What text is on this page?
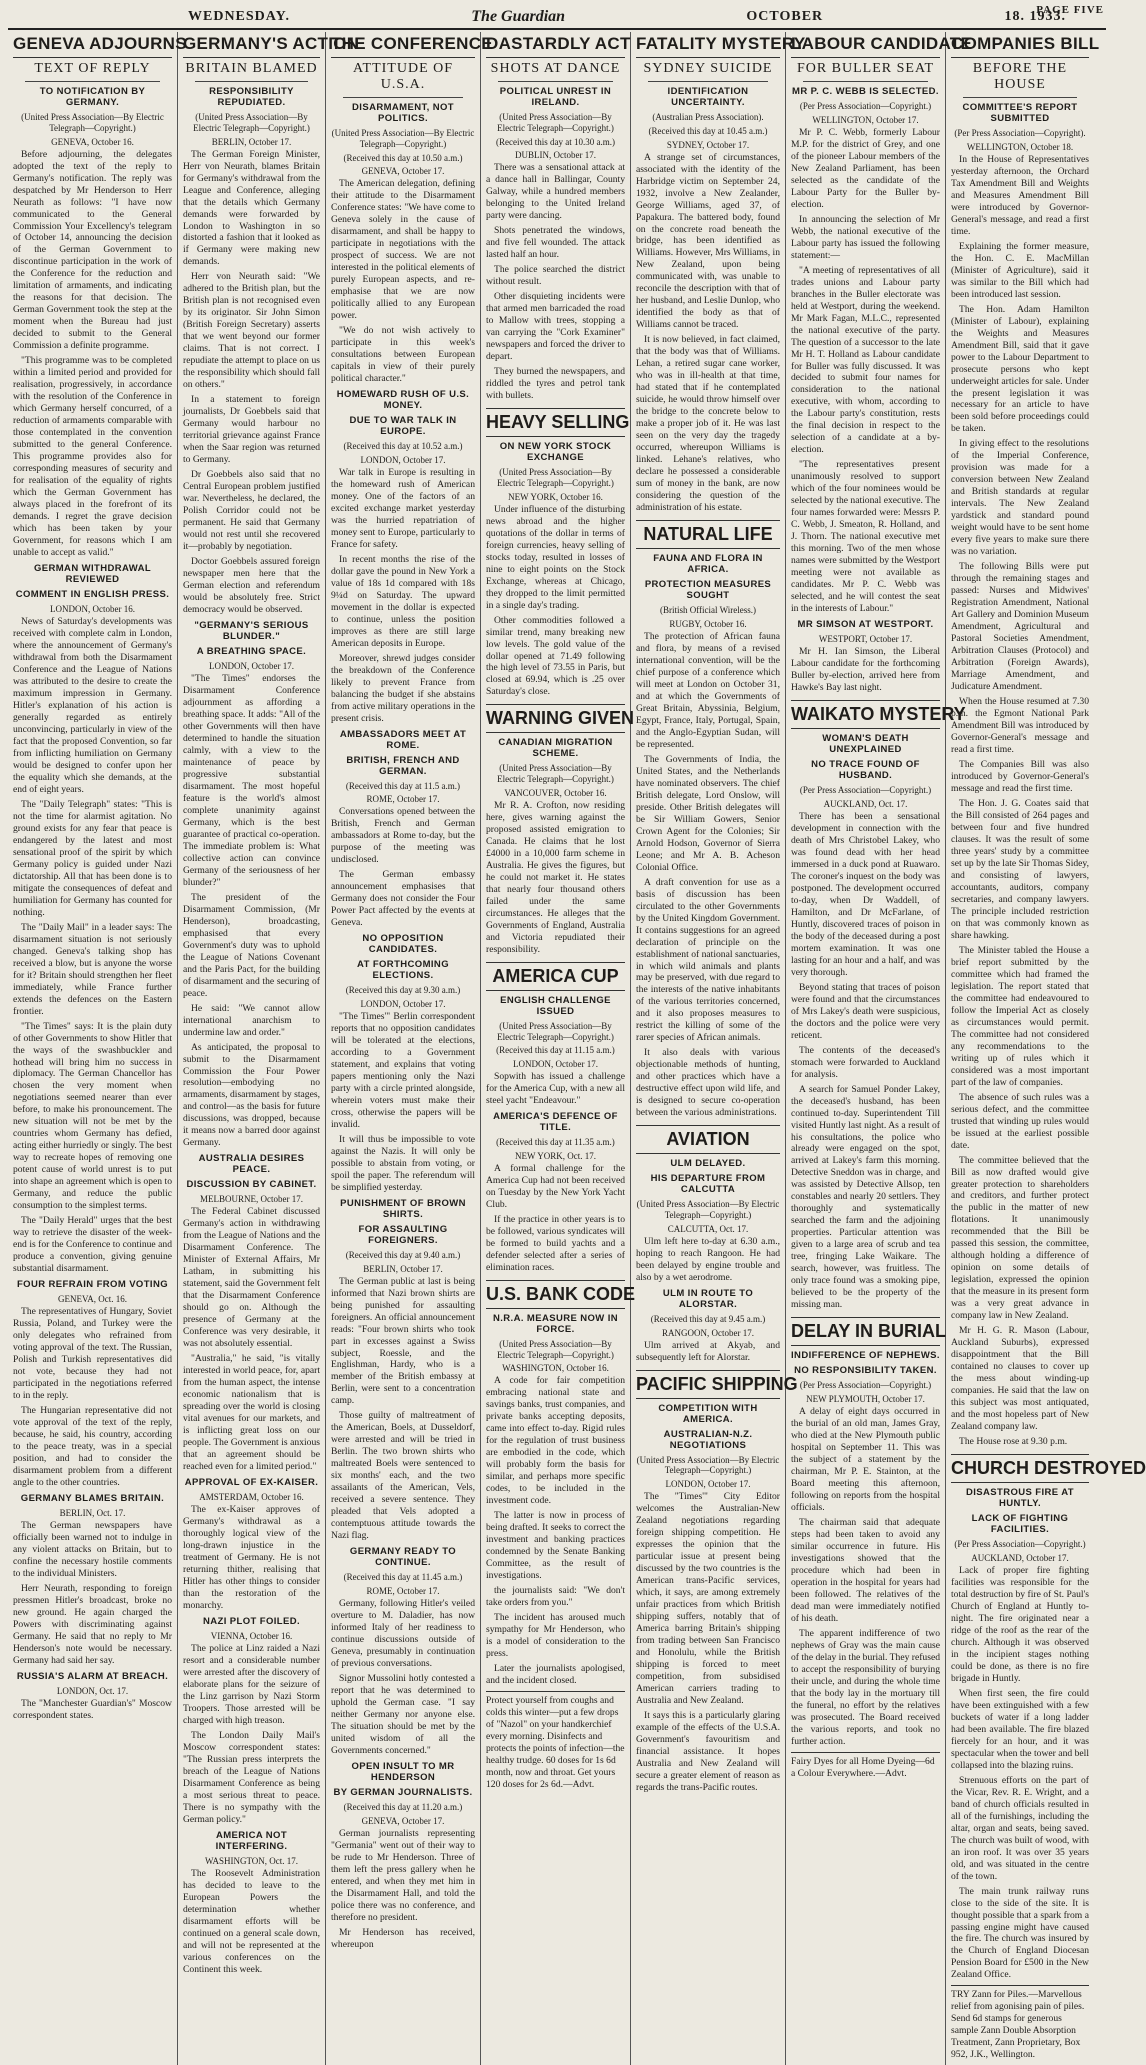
WEDNESDAY.	The Guardian	OCTOBER	18. 1933.
PAGE FIVE
GENEVA ADJOURNS
TEXT OF REPLY
TO NOTIFICATION BY GERMANY.
(United Press Association—By Electric Telegraph—Copyright.)
GENEVA, October 16.

Before adjourning, the delegates adopted the text of the reply to Germany's notification. The reply was despatched by Mr Henderson to Herr Neurath as follows: "I have now communicated to the General Commission Your Excellency's telegram of October 14, announcing the decision of the German Government to discontinue participation in the work of the Conference for the reduction and limitation of armaments, and indicating the reasons for that decision. The German Government took the step at the moment when the Bureau had just decided to submit to the General Commission a definite programme.

"This programme was to be completed within a limited period and provided for realisation, progressively, in accordance with the resolution of the Conference in which Germany herself concurred, of a reduction of armaments comparable with those contemplated in the convention submitted to the general Conference. This programme provides also for corresponding measures of security and for realisation of the equality of rights which the German Government has always placed in the forefront of its demands. I regret the grave decision which has been taken by your Government, for reasons which I am unable to accept as valid."

GERMAN WITHDRAWAL REVIEWED
COMMENT IN ENGLISH PRESS.
LONDON, October 16.

News of Saturday's developments was received with complete calm in London, where the announcement of Germany's withdrawal from both the Disarmament Conference and the League of Nations was attributed to the desire to create the maximum impression in Germany. Hitler's explanation of his action is generally regarded as entirely unconvincing, particularly in view of the fact that the proposed Convention, so far from inflicting humiliation on Germany would be designed to confer upon her the equality which she demands, at the end of eight years.

The "Daily Telegraph" states: "This is not the time for alarmist agitation. No ground exists for any fear that peace is endangered by the latest and most sensational proof of the spirit by which Germany policy is guided under Nazi dictatorship. All that has been done is to mitigate the consequences of defeat and humiliation for Germany has counted for nothing.

The "Daily Mail" in a leader says: The disarmament situation is not seriously changed. Geneva's talking shop has received a blow, but is anyone the worse for it? Britain should strengthen her fleet immediately, while France further extends the defences on the Eastern frontier.

"The Times" says: It is the plain duty of other Governments to show Hitler that the ways of the swashbuckler and hothead will bring him no success in diplomacy. The German Chancellor has chosen the very moment when negotiations seemed nearer than ever before, to make his pronouncement. The new situation will not be met by the countries whom Germany has defied, acting either hurriedly or singly. The best way to recreate hopes of removing one potent cause of world unrest is to put into shape an agreement which is open to Germany, and reduce the public consumption to the simplest terms.

The "Daily Herald" urges that the best way to retrieve the disaster of the week-end is for the Conference to continue and produce a convention, giving genuine substantial disarmament.

FOUR REFRAIN FROM VOTING
GENEVA, Oct. 16.

The representatives of Hungary, Soviet Russia, Poland, and Turkey were the only delegates who refrained from voting approval of the text. The Russian, Polish and Turkish representatives did not vote, because they had not participated in the negotiations referred to in the reply.

The Hungarian representative did not vote approval of the text of the reply, because, he said, his country, according to the peace treaty, was in a special position, and had to consider the disarmament problem from a different angle to the other countries.

GERMANY BLAMES BRITAIN.
BERLIN, Oct. 17.

The German newspapers have officially been warned not to indulge in any violent attacks on Britain, but to confine the necessary hostile comments to the individual Ministers.

Herr Neurath, responding to foreign pressmen Hitler's broadcast, broke no new ground. He again charged the Powers with discriminating against Germany. He said that no reply to Mr Henderson's note would be necessary. Germany had said her say.

RUSSIA'S ALARM AT BREACH.
LONDON, Oct. 17.

The "Manchester Guardian's" Moscow correspondent states.

GERMANY'S ACTION
BRITAIN BLAMED
RESPONSIBILITY REPUDIATED.
(United Press Association—By Electric Telegraph—Copyright.)
BERLIN, October 17.

The German Foreign Minister, Herr von Neurath, blames Britain for Germany's withdrawal from the League and Conference, alleging that the details which Germany demands were forwarded by London to Washington in so distorted a fashion that it looked as if Germany were making new demands.

Herr von Neurath said: "We adhered to the British plan, but the British plan is not recognised even by its originator. Sir John Simon (British Foreign Secretary) asserts that we went beyond our former claims. That is not correct. I repudiate the attempt to place on us the responsibility which should fall on others."

In a statement to foreign journalists, Dr Goebbels said that Germany would harbour no territorial grievance against France when the Saar region was returned to Germany.

Dr Goebbels also said that no Central European problem justified war. Nevertheless, he declared, the Polish Corridor could not be permanent. He said that Germany would not rest until she recovered it—probably by negotiation.

Doctor Goebbels assured foreign newspaper men here that the German election and referendum would be absolutely free. Strict democracy would be observed.

"GERMANY'S SERIOUS BLUNDER."
A BREATHING SPACE.
LONDON, October 17.

"The Times" endorses the Disarmament Conference adjournment as affording a breathing space. It adds: "All of the other Governments will then have determined to handle the situation calmly, with a view to the maintenance of peace by progressive substantial disarmament. The most hopeful feature is the world's almost complete unanimity against Germany, which is the best guarantee of practical co-operation. The immediate problem is: What collective action can convince Germany of the seriousness of her blunder?"

The president of the Disarmament Commission, (Mr Henderson), broadcasting, emphasised that every Government's duty was to uphold the League of Nations Covenant and the Paris Pact, for the building of disarmament and the securing of peace.

He said: "We cannot allow international anarchism to undermine law and order."

As anticipated, the proposal to submit to the Disarmament Commission the Four Power resolution—embodying no armaments, disarmament by stages, and control—as the basis for future discussions, was dropped, because it means now a barred door against Germany.

AUSTRALIA DESIRES PEACE.
DISCUSSION BY CABINET.
MELBOURNE, October 17.

The Federal Cabinet discussed Germany's action in withdrawing from the League of Nations and the Disarmament Conference. The Minister of External Affairs, Mr Latham, in submitting his statement, said the Government felt that the Disarmament Conference should go on. Although the presence of Germany at the Conference was very desirable, it was not absolutely essential.

"Australia," he said, "is vitally interested in world peace, for, apart from the human aspect, the intense economic nationalism that is spreading over the world is closing vital avenues for our markets, and is inflicting great loss on our people. The Government is anxious that an agreement should be reached even for a limited period."

APPROVAL OF EX-KAISER.
AMSTERDAM, October 16.

The ex-Kaiser approves of Germany's withdrawal as a thoroughly logical view of the long-drawn injustice in the treatment of Germany. He is not returning thither, realising that Hitler has other things to consider than the restoration of the monarchy.

NAZI PLOT FOILED.
VIENNA, October 16.

The police at Linz raided a Nazi resort and a considerable number were arrested after the discovery of elaborate plans for the seizure of the Linz garrison by Nazi Storm Troopers. Those arrested will be charged with high treason.

The London Daily Mail's Moscow correspondent states: "The Russian press interprets the breach of the League of Nations Disarmament Conference as being a most serious threat to peace. There is no sympathy with the German policy."

AMERICA NOT INTERFERING.
WASHINGTON, Oct. 17.

The Roosevelt Administration has decided to leave to the European Powers the determination whether disarmament efforts will be continued on a general scale down, and will not be represented at the various conferences on the Continent this week.

THE CONFERENCE
ATTITUDE OF U.S.A.
DISARMAMENT, NOT POLITICS.
(United Press Association—By Electric Telegraph—Copyright.)
(Received this day at 10.50 a.m.)
GENEVA, October 17.

The American delegation, defining their attitude to the Disarmament Conference states: "We have come to Geneva solely in the cause of disarmament, and shall be happy to participate in negotiations with the prospect of success. We are not interested in the political elements of purely European aspects, and re-emphasise that we are now politically allied to any European power.

"We do not wish actively to participate in this week's consultations between European capitals in view of their purely political character."

HOMEWARD RUSH OF U.S. MONEY.
DUE TO WAR TALK IN EUROPE.
(Received this day at 10.52 a.m.)
LONDON, October 17.

War talk in Europe is resulting in the homeward rush of American money. One of the factors of an excited exchange market yesterday was the hurried repatriation of money sent to Europe, particularly to France for safety.

In recent months the rise of the dollar gave the pound in New York a value of 18s 1d compared with 18s 9¼d on Saturday. The upward movement in the dollar is expected to continue, unless the position improves as there are still large American deposits in Europe.

Moreover, shrewd judges consider the breakdown of the Conference likely to prevent France from balancing the budget if she abstains from active military operations in the present crisis.

AMBASSADORS MEET AT ROME.
BRITISH, FRENCH AND GERMAN.
(Received this day at 11.5 a.m.)
ROME, October 17.

Conversations opened between the British, French and German ambassadors at Rome to-day, but the purpose of the meeting was undisclosed.

The German embassy announcement emphasises that Germany does not consider the Four Power Pact affected by the events at Geneva.

NO OPPOSITION CANDIDATES.
AT FORTHCOMING ELECTIONS.
(Received this day at 9.30 a.m.)
LONDON, October 17.

"The Times'" Berlin correspondent reports that no opposition candidates will be tolerated at the elections, according to a Government statement, and explains that voting papers mentioning only the Nazi party with a circle printed alongside, wherein voters must make their cross, otherwise the papers will be invalid.

It will thus be impossible to vote against the Nazis. It will only be possible to abstain from voting, or spoil the paper. The referendum will be simplified yesterday.

PUNISHMENT OF BROWN SHIRTS.
FOR ASSAULTING FOREIGNERS.
(Received this day at 9.40 a.m.)
BERLIN, October 17.

The German public at last is being informed that Nazi brown shirts are being punished for assaulting foreigners. An official announcement reads: "Four brown shirts who took part in excesses against a Swiss subject, Roessle, and the Englishman, Hardy, who is a member of the British embassy at Berlin, were sent to a concentration camp.

Those guilty of maltreatment of the American, Boels, at Dusseldorf, were arrested and will be tried in Berlin. The two brown shirts who maltreated Boels were sentenced to six months' each, and the two assailants of the American, Vels, received a severe sentence. They pleaded that Vels adopted a contemptuous attitude towards the Nazi flag.

GERMANY READY TO CONTINUE.
(Received this day at 11.45 a.m.)
ROME, October 17.

Germany, following Hitler's veiled overture to M. Daladier, has now informed Italy of her readiness to continue discussions outside of Geneva, presumably in continuation of previous conversations.

Signor Mussolini hotly contested a report that he was determined to uphold the German case. "I say neither Germany nor anyone else. The situation should be met by the united wisdom of all the Governments concerned."

OPEN INSULT TO MR HENDERSON
BY GERMAN JOURNALISTS.
(Received this day at 11.20 a.m.)
GENEVA, October 17.

German journalists representing "Germania" went out of their way to be rude to Mr Henderson. Three of them left the press gallery when he entered, and when they met him in the Disarmament Hall, and told the police there was no conference, and therefore no president.

Mr Henderson has received, whereupon

DASTARDLY ACT
SHOTS AT DANCE
POLITICAL UNREST IN IRELAND.
(United Press Association—By Electric Telegraph—Copyright.)
(Received this day at 10.30 a.m.)
DUBLIN, October 17.

There was a sensational attack at a dance hall in Ballingar, County Galway, while a hundred members belonging to the United Ireland party were dancing.

Shots penetrated the windows, and five fell wounded. The attack lasted half an hour.

The police searched the district without result.

Other disquieting incidents were that armed men barricaded the road to Mallow with trees, stopping a van carrying the "Cork Examiner" newspapers and forced the driver to depart.

They burned the newspapers, and riddled the tyres and petrol tank with bullets.

HEAVY SELLING
ON NEW YORK STOCK EXCHANGE
(United Press Association—By Electric Telegraph—Copyright.)
NEW YORK, October 16.

Under influence of the disturbing news abroad and the higher quotations of the dollar in terms of foreign currencies, heavy selling of stocks today, resulted in losses of nine to eight points on the Stock Exchange, whereas at Chicago, they dropped to the limit permitted in a single day's trading.

Other commodities followed a similar trend, many breaking new low levels. The gold value of the dollar opened at 71.49 following the high level of 73.55 in Paris, but closed at 69.94, which is .25 over Saturday's close.

WARNING GIVEN
CANADIAN MIGRATION SCHEME.
(United Press Association—By Electric Telegraph—Copyright.)
VANCOUVER, October 16.

Mr R. A. Crofton, now residing here, gives warning against the proposed assisted emigration to Canada. He claims that he lost £4000 in a 10,000 farm scheme in Australia. He gives the figures, but he could not market it. He states that nearly four thousand others failed under the same circumstances. He alleges that the Governments of England, Australia and Victoria repudiated their responsibility.

AMERICA CUP
ENGLISH CHALLENGE ISSUED
(United Press Association—By Electric Telegraph—Copyright.)
(Received this day at 11.15 a.m.)
LONDON, October 17.

Sopwith has issued a challenge for the America Cup, with a new all steel yacht "Endeavour."

AMERICA'S DEFENCE OF TITLE.
(Received this day at 11.35 a.m.)
NEW YORK, Oct. 17.

A formal challenge for the America Cup had not been received on Tuesday by the New York Yacht Club.

If the practice in other years is to be followed, various syndicates will be formed to build yachts and a defender selected after a series of elimination races.

U.S. BANK CODE
N.R.A. MEASURE NOW IN FORCE.
(United Press Association—By Electric Telegraph—Copyright.)
WASHINGTON, October 16.

A code for fair competition embracing national state and savings banks, trust companies, and private banks accepting deposits, came into effect to-day. Rigid rules for the regulation of trust business are embodied in the code, which will probably form the basis for similar, and perhaps more specific codes, to be included in the investment code.

The latter is now in process of being drafted. It seeks to correct the investment and banking practices condemned by the Senate Banking Committee, as the result of investigations.

the journalists said: "We don't take orders from you."

The incident has aroused much sympathy for Mr Henderson, who is a model of consideration to the press.

Later the journalists apologised, and the incident closed.

Protect yourself from coughs and colds this winter—put a few drops of "Nazol" on your handkerchief every morning. Disinfects and protects the points of infection—the healthy trudge. 60 doses for 1s 6d month, now and throat. Get yours 120 doses for 2s 6d.—Advt.

FATALITY MYSTERY
SYDNEY SUICIDE
IDENTIFICATION UNCERTAINTY.
(Australian Press Association).
(Received this day at 10.45 a.m.)
SYDNEY, October 17.

A strange set of circumstances, associated with the identity of the Harbridge victim on September 24, 1932, involve a New Zealander, George Williams, aged 37, of Papakura. The battered body, found on the concrete road beneath the bridge, has been identified as Williams. However, Mrs Williams, in New Zealand, upon being communicated with, was unable to reconcile the description with that of her husband, and Leslie Dunlop, who identified the body as that of Williams cannot be traced.

It is now believed, in fact claimed, that the body was that of Williams. Lehan, a retired sugar cane worker, who was in ill-health at that time, had stated that if he contemplated suicide, he would throw himself over the bridge to the concrete below to make a proper job of it. He was last seen on the very day the tragedy occurred, whereupon Williams is linked. Lehane's relatives, who declare he possessed a considerable sum of money in the bank, are now considering the question of the administration of his estate.

NATURAL LIFE
FAUNA AND FLORA IN AFRICA.
PROTECTION MEASURES SOUGHT
(British Official Wireless.)
RUGBY, October 16.

The protection of African fauna and flora, by means of a revised international convention, will be the chief purpose of a conference which will meet at London on October 31, and at which the Governments of Great Britain, Abyssinia, Belgium, Egypt, France, Italy, Portugal, Spain, and the Anglo-Egyptian Sudan, will be represented.

The Governments of India, the United States, and the Netherlands have nominated observers. The chief British delegate, Lord Onslow, will preside. Other British delegates will be Sir William Gowers, Senior Crown Agent for the Colonies; Sir Arnold Hodson, Governor of Sierra Leone; and Mr A. B. Acheson Colonial Office.

A draft convention for use as a basis of discussion has been circulated to the other Governments by the United Kingdom Government. It contains suggestions for an agreed declaration of principle on the establishment of national sanctuaries, in which wild animals and plants may be preserved, with due regard to the interests of the native inhabitants of the various territories concerned, and it also proposes measures to restrict the killing of some of the rarer species of African animals.

It also deals with various objectionable methods of hunting, and other practices which have a destructive effect upon wild life, and is designed to secure co-operation between the various administrations.

AVIATION
ULM DELAYED.
HIS DEPARTURE FROM CALCUTTA
(United Press Association—By Electric Telegraph—Copyright.)
CALCUTTA, Oct. 17.

Ulm left here to-day at 6.30 a.m., hoping to reach Rangoon. He had been delayed by engine trouble and also by a wet aerodrome.

ULM IN ROUTE TO ALORSTAR.
(Received this day at 9.45 a.m.)
RANGOON, October 17.

Ulm arrived at Akyab, and subsequently left for Alorstar.

PACIFIC SHIPPING
COMPETITION WITH AMERICA.
AUSTRALIAN-N.Z. NEGOTIATIONS
(United Press Association—By Electric Telegraph—Copyright.)
LONDON, October 17.

The "Times'" City Editor welcomes the Australian-New Zealand negotiations regarding foreign shipping competition. He expresses the opinion that the particular issue at present being discussed by the two countries is the American trans-Pacific services, which, it says, are among extremely unfair practices from which British shipping suffers, notably that of America barring Britain's shipping from trading between San Francisco and Honolulu, while the British shipping is forced to meet competition, from subsidised American carriers trading to Australia and New Zealand.

It says this is a particularly glaring example of the effects of the U.S.A. Government's favouritism and financial assistance. It hopes Australia and New Zealand will secure a greater element of reason as regards the trans-Pacific routes.

LABOUR CANDIDATE
FOR BULLER SEAT
MR P. C. WEBB IS SELECTED.
(Per Press Association—Copyright.)
WELLINGTON, October 17.

Mr P. C. Webb, formerly Labour M.P. for the district of Grey, and one of the pioneer Labour members of the New Zealand Parliament, has been selected as the candidate of the Labour Party for the Buller by-election.

In announcing the selection of Mr Webb, the national executive of the Labour party has issued the following statement:—

"A meeting of representatives of all trades unions and Labour party branches in the Buller electorate was held at Westport, during the weekend. Mr Mark Fagan, M.L.C., represented the national executive of the party. The question of a successor to the late Mr H. T. Holland as Labour candidate for Buller was fully discussed. It was decided to submit four names for consideration to the national executive, with whom, according to the Labour party's constitution, rests the final decision in respect to the selection of a candidate at a by-election.

"The representatives present unanimously resolved to support which of the four nominees would be selected by the national executive. The four names forwarded were: Messrs P. C. Webb, J. Smeaton, R. Holland, and J. Thorn. The national executive met this morning. Two of the men whose names were submitted by the Westport meeting were not available as candidates. Mr P. C. Webb was selected, and he will contest the seat in the interests of Labour."

MR SIMSON AT WESTPORT.
WESTPORT, October 17.

Mr H. Ian Simson, the Liberal Labour candidate for the forthcoming Buller by-election, arrived here from Hawke's Bay last night.

WAIKATO MYSTERY
WOMAN'S DEATH UNEXPLAINED
NO TRACE FOUND OF HUSBAND.
(Per Press Association—Copyright.)
AUCKLAND, Oct. 17.

There has been a sensational development in connection with the death of Mrs Christobel Lakey, who was found dead with her head immersed in a duck pond at Ruawaro. The coroner's inquest on the body was postponed. The development occurred to-day, when Dr Waddell, of Hamilton, and Dr McFarlane, of Huntly, discovered traces of poison in the body of the deceased during a post mortem examination. It was one lasting for an hour and a half, and was very thorough.

Beyond stating that traces of poison were found and that the circumstances of Mrs Lakey's death were suspicious, the doctors and the police were very reticent.

The contents of the deceased's stomach were forwarded to Auckland for analysis.

A search for Samuel Ponder Lakey, the deceased's husband, has been continued to-day. Superintendent Till visited Huntly last night. As a result of his consultations, the police who already were engaged on the spot, arrived at Lakey's farm this morning. Detective Sneddon was in charge, and was assisted by Detective Allsop, ten constables and nearly 20 settlers. They thoroughly and systematically searched the farm and the adjoining properties. Particular attention was given to a large area of scrub and tea tree, fringing Lake Waikare. The search, however, was fruitless. The only trace found was a smoking pipe, believed to be the property of the missing man.

DELAY IN BURIAL
INDIFFERENCE OF NEPHEWS.
NO RESPONSIBILITY TAKEN.
(Per Press Association—Copyright.)
NEW PLYMOUTH, October 17.

A delay of eight days occurred in the burial of an old man, James Gray, who died at the New Plymouth public hospital on September 11. This was the subject of a statement by the chairman, Mr P. E. Stainton, at the Board meeting this afternoon, following on reports from the hospital officials.

The chairman said that adequate steps had been taken to avoid any similar occurrence in future. His investigations showed that the procedure which had been in operation in the hospital for years had been followed. The relatives of the dead man were immediately notified of his death.

The apparent indifference of two nephews of Gray was the main cause of the delay in the burial. They refused to accept the responsibility of burying their uncle, and during the whole time that the body lay in the mortuary till the funeral, no effort by the relatives was prosecuted. The Board received the various reports, and took no further action.

Fairy Dyes for all Home Dyeing—6d a Colour Everywhere.—Advt.

COMPANIES BILL
BEFORE THE HOUSE
COMMITTEE'S REPORT SUBMITTED
(Per Press Association—Copyright).
WELLINGTON, October 18.

In the House of Representatives yesterday afternoon, the Orchard Tax Amendment Bill and Weights and Measures Amendment Bill were introduced by Governor-General's message, and read a first time.

Explaining the former measure, the Hon. C. E. MacMillan (Minister of Agriculture), said it was similar to the Bill which had been introduced last session.

The Hon. Adam Hamilton (Minister of Labour), explaining the Weights and Measures Amendment Bill, said that it gave power to the Labour Department to prosecute persons who kept underweight articles for sale. Under the present legislation it was necessary for an article to have been sold before proceedings could be taken.

In giving effect to the resolutions of the Imperial Conference, provision was made for a conversion between New Zealand and British standards at regular intervals. The New Zealand yardstick and standard pound weight would have to be sent home every five years to make sure there was no variation.

The following Bills were put through the remaining stages and passed: Nurses and Midwives' Registration Amendment, National Art Gallery and Dominion Museum Amendment, Agricultural and Pastoral Societies Amendment, Arbitration Clauses (Protocol) and Arbitration (Foreign Awards), Marriage Amendment, and Judicature Amendment.

When the House resumed at 7.30 p.m. the Egmont National Park Amendment Bill was introduced by Governor-General's message and read a first time.

The Companies Bill was also introduced by Governor-General's message and read the first time.

The Hon. J. G. Coates said that the Bill consisted of 264 pages and between four and five hundred clauses. It was the result of some three years' study by a committee set up by the late Sir Thomas Sidey, and consisting of lawyers, accountants, auditors, company secretaries, and company lawyers. The principle included restriction on that was commonly known as share hawking.

The Minister tabled the House a brief report submitted by the committee which had framed the legislation. The report stated that the committee had endeavoured to follow the Imperial Act as closely as circumstances would permit. The committee had not considered any recommendations to the writing up of rules which it considered was a most important part of the law of companies.

The absence of such rules was a serious defect, and the committee trusted that winding up rules would be issued at the earliest possible date.

The committee believed that the Bill as now drafted would give greater protection to shareholders and creditors, and further protect the public in the matter of new flotations. It unanimously recommended that the Bill be passed this session, the committee, although holding a difference of opinion on some details of legislation, expressed the opinion that the measure in its present form was a very great advance in company law in New Zealand.

Mr H. G. R. Mason (Labour, Auckland Suburbs), expressed disappointment that the Bill contained no clauses to cover up the mess about winding-up companies. He said that the law on this subject was most antiquated, and the most hopeless part of New Zealand company law.

The House rose at 9.30 p.m.

CHURCH DESTROYED
DISASTROUS FIRE AT HUNTLY.
LACK OF FIGHTING FACILITIES.
(Per Press Association—Copyright.)
AUCKLAND, October 17.

Lack of proper fire fighting facilities was responsible for the total destruction by fire of St. Paul's Church of England at Huntly to-night. The fire originated near a ridge of the roof as the rear of the church. Although it was observed in the incipient stages nothing could be done, as there is no fire brigade in Huntly.

When first seen, the fire could have been extinguished with a few buckets of water if a long ladder had been available. The fire blazed fiercely for an hour, and it was spectacular when the tower and bell collapsed into the blazing ruins.

Strenuous efforts on the part of the Vicar, Rev. R. E. Wright, and a band of church officials resulted in all of the furnishings, including the altar, organ and seats, being saved. The church was built of wood, with an iron roof. It was over 35 years old, and was situated in the centre of the town.

The main trunk railway runs close to the side of the site. It is thought possible that a spark from a passing engine might have caused the fire. The church was insured by the Church of England Diocesan Pension Board for £500 in the New Zealand Office.

TRY Zann for Piles.—Marvellous relief from agonising pain of piles. Send 6d stamps for generous sample Zann Double Absorption Treatment, Zann Proprietary, Box 952, J.K., Wellington.
